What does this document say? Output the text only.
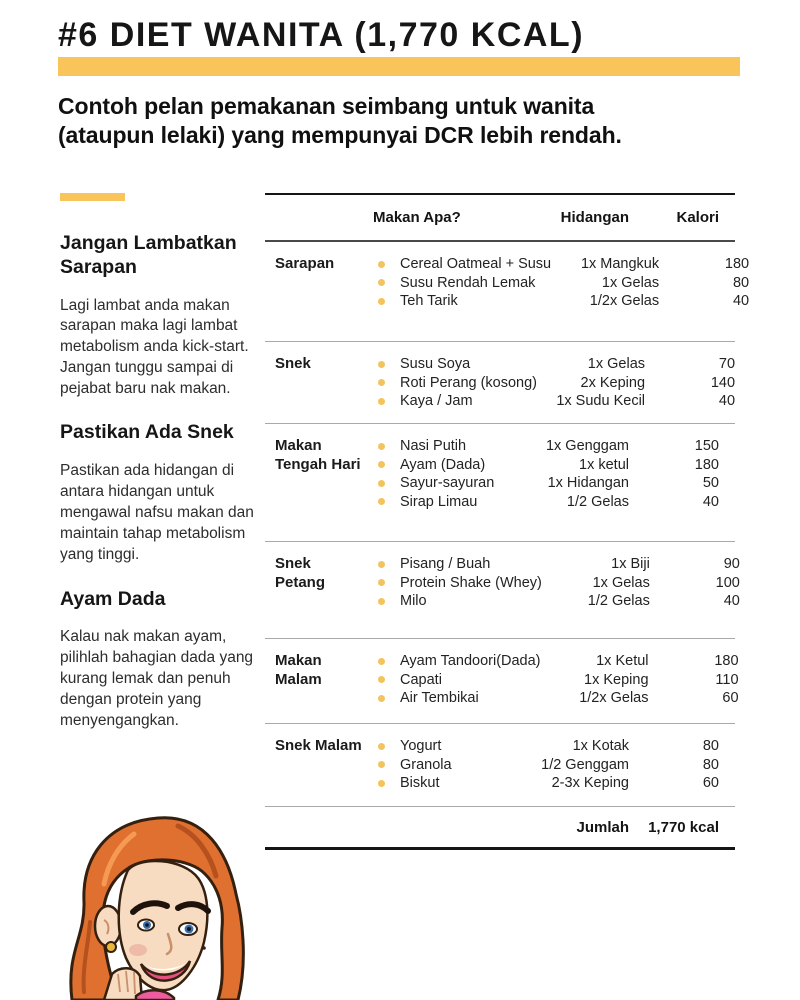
#6 DIET WANITA (1,770 KCAL)

Contoh pelan pemakanan seimbang untuk wanita (ataupun lelaki) yang mempunyai DCR lebih rendah.

Jangan Lambatkan Sarapan

Lagi lambat anda makan sarapan maka lagi lambat metabolism anda kick-start. Jangan tunggu sampai di pejabat baru nak makan.

Pastikan Ada Snek

Pastikan ada hidangan di antara hidangan untuk mengawal nafsu makan dan maintain tahap metabolism yang tinggi.

Ayam Dada

Kalau nak makan ayam, pilihlah bahagian dada yang kurang lemak dan penuh dengan protein yang menyengangkan.

Makan Apa?	Hidangan	Kalori
Sarapan	Cereal Oatmeal + Susu	1x Mangkuk	180
Susu Rendah Lemak	1x Gelas	80
Teh Tarik	1/2x Gelas	40
Snek	Susu Soya	1x Gelas	70
Roti Perang (kosong)	2x Keping	140
Kaya / Jam	1x Sudu Kecil	40
Makan Tengah Hari
Nasi Putih	1x Genggam	150
Ayam (Dada)	1x ketul	180
Sayur-sayuran	1x Hidangan	50
Sirap Limau	1/2 Gelas	40
Snek Petang
Pisang / Buah	1x Biji	90
Protein Shake (Whey)	1x Gelas	100
Milo	1/2 Gelas	40
Makan Malam
Ayam Tandoori(Dada)	1x Ketul	180
Capati	1x Keping	110
Air Tembikai	1/2x Gelas	60
Snek Malam	Yogurt	1x Kotak	80
Granola	1/2 Genggam	80
Biskut	2-3x Keping	60
Jumlah	1,770 kcal
